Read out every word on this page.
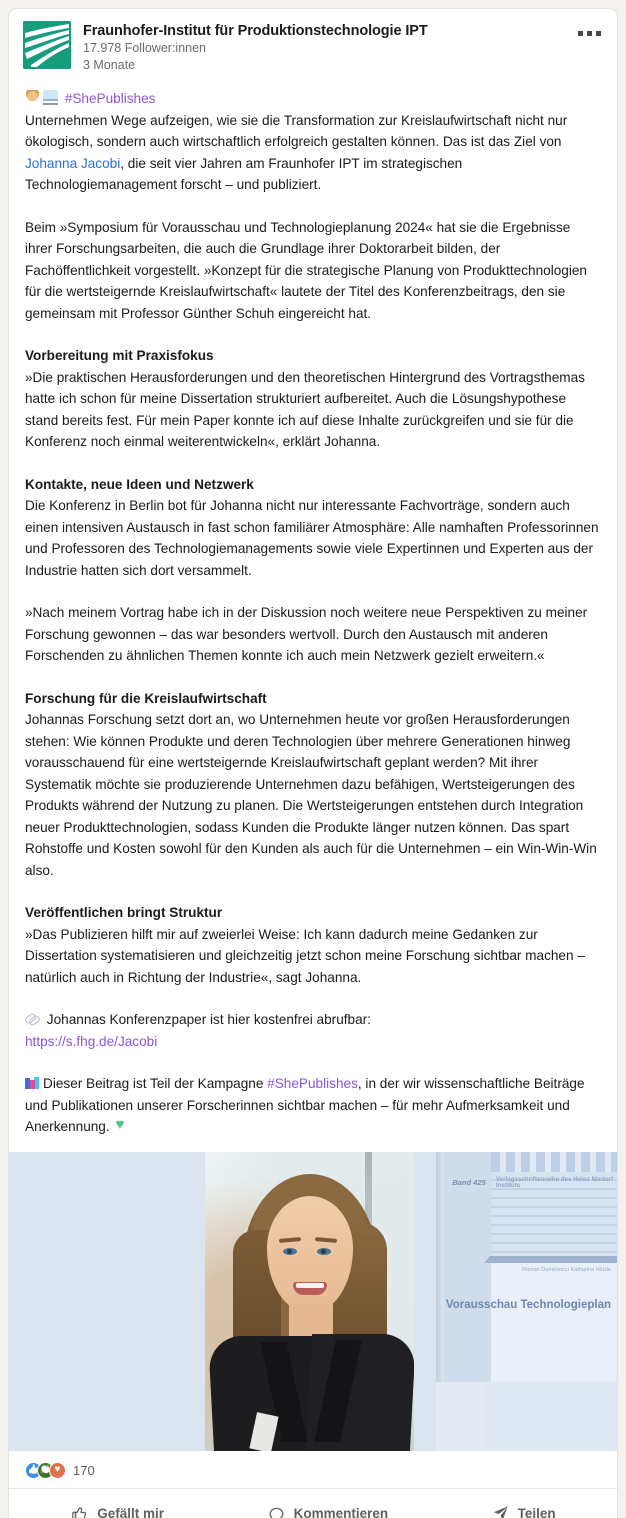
Fraunhofer-Institut für Produktionstechnologie IPT
17.978 Follower:innen
3 Monate

#ShePublishes

Unternehmen Wege aufzeigen, wie sie die Transformation zur Kreislaufwirtschaft nicht nur ökologisch, sondern auch wirtschaftlich erfolgreich gestalten können. Das ist das Ziel von Johanna Jacobi, die seit vier Jahren am Fraunhofer IPT im strategischen Technologiemanagement forscht – und publiziert.

Beim »Symposium für Vorausschau und Technologieplanung 2024« hat sie die Ergebnisse ihrer Forschungsarbeiten, die auch die Grundlage ihrer Doktorarbeit bilden, der Fachöffentlichkeit vorgestellt. »Konzept für die strategische Planung von Produkttechnologien für die wertsteigernde Kreislaufwirtschaft« lautete der Titel des Konferenzbeitrags, den sie gemeinsam mit Professor Günther Schuh eingereicht hat.

Vorbereitung mit Praxisfokus

»Die praktischen Herausforderungen und den theoretischen Hintergrund des Vortragsthemas hatte ich schon für meine Dissertation strukturiert aufbereitet. Auch die Lösungshypothese stand bereits fest. Für mein Paper konnte ich auf diese Inhalte zurückgreifen und sie für die Konferenz noch einmal weiterentwickeln«, erklärt Johanna.

Kontakte, neue Ideen und Netzwerk

Die Konferenz in Berlin bot für Johanna nicht nur interessante Fachvorträge, sondern auch einen intensiven Austausch in fast schon familiärer Atmosphäre: Alle namhaften Professorinnen und Professoren des Technologiemanagements sowie viele Expertinnen und Experten aus der Industrie hatten sich dort versammelt.

»Nach meinem Vortrag habe ich in der Diskussion noch weitere neue Perspektiven zu meiner Forschung gewonnen – das war besonders wertvoll. Durch den Austausch mit anderen Forschenden zu ähnlichen Themen konnte ich auch mein Netzwerk gezielt erweitern.«

Forschung für die Kreislaufwirtschaft

Johannas Forschung setzt dort an, wo Unternehmen heute vor großen Herausforderungen stehen: Wie können Produkte und deren Technologien über mehrere Generationen hinweg vorausschauend für eine wertsteigernde Kreislaufwirtschaft geplant werden? Mit ihrer Systematik möchte sie produzierende Unternehmen dazu befähigen, Wertsteigerungen des Produkts während der Nutzung zu planen. Die Wertsteigerungen entstehen durch Integration neuer Produkttechnologien, sodass Kunden die Produkte länger nutzen können. Das spart Rohstoffe und Kosten sowohl für den Kunden als auch für die Unternehmen – ein Win-Win-Win also.

Veröffentlichen bringt Struktur

»Das Publizieren hilft mir auf zweierlei Weise: Ich kann dadurch meine Gedanken zur Dissertation systematisieren und gleichzeitig jetzt schon meine Forschung sichtbar machen – natürlich auch in Richtung der Industrie«, sagt Johanna.

Johannas Konferenzpaper ist hier kostenfrei abrufbar:

https://s.fhg.de/Jacobi

Dieser Beitrag ist Teil der Kampagne #ShePublishes, in der wir wissenschaftliche Beiträge und Publikationen unserer Forscherinnen sichtbar machen – für mehr Aufmerksamkeit und Anerkennung. ♥

Band 425	Verlagsschriftenreihe des Heinz Nixdorf Instituts
Roman Dumitrescu Katharina Hölzle
Vorausschau Technologieplan
👍
👏
♥
170
Gefällt mir	Kommentieren	Teilen
